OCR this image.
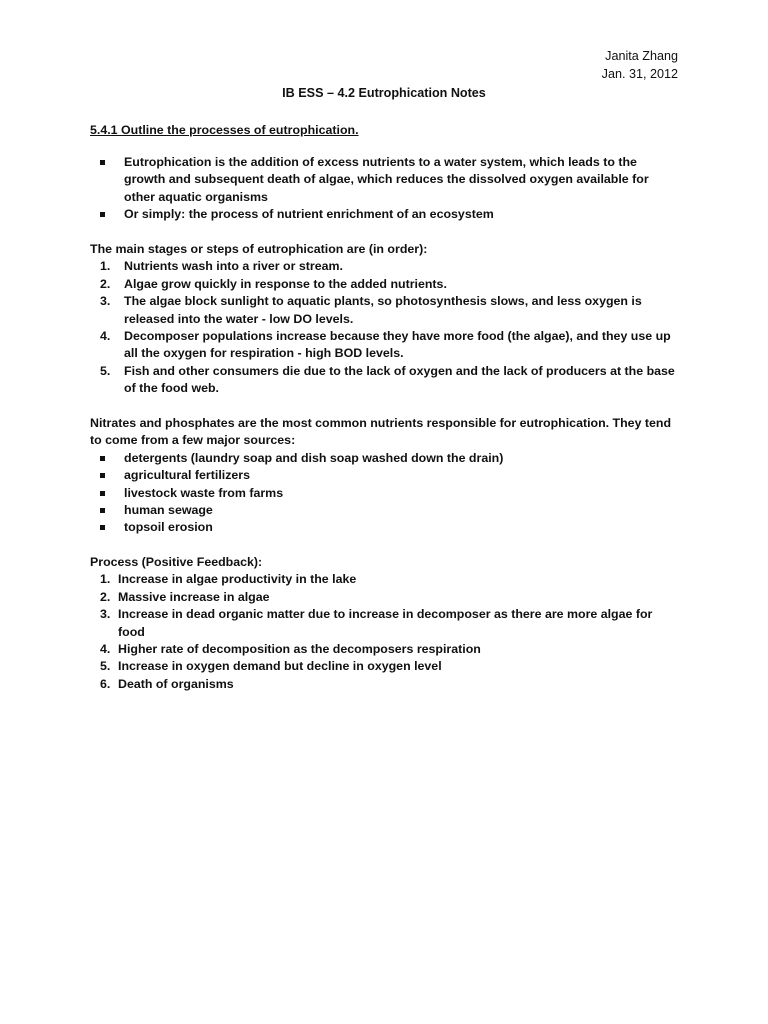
Janita Zhang
Jan. 31, 2012
IB ESS – 4.2 Eutrophication Notes
5.4.1 Outline the processes of eutrophication.
Eutrophication is the addition of excess nutrients to a water system, which leads to the growth and subsequent death of algae, which reduces the dissolved oxygen available for other aquatic organisms
Or simply: the process of nutrient enrichment of an ecosystem
The main stages or steps of eutrophication are (in order):
1.	Nutrients wash into a river or stream.
2.	Algae grow quickly in response to the added nutrients.
3.	The algae block sunlight to aquatic plants, so photosynthesis slows, and less oxygen is released into the water - low DO levels.
4.	Decomposer populations increase because they have more food (the algae), and they use up all the oxygen for respiration - high BOD levels.
5.	Fish and other consumers die due to the lack of oxygen and the lack of producers at the base of the food web.
Nitrates and phosphates are the most common nutrients responsible for eutrophication. They tend to come from a few major sources:
detergents (laundry soap and dish soap washed down the drain)
agricultural fertilizers
livestock waste from farms
human sewage
topsoil erosion
Process (Positive Feedback):
1. Increase in algae productivity in the lake
2. Massive increase in algae
3. Increase in dead organic matter due to increase in decomposer as there are more algae for food
4. Higher rate of decomposition as the decomposers respiration
5. Increase in oxygen demand but decline in oxygen level
6. Death of organisms
